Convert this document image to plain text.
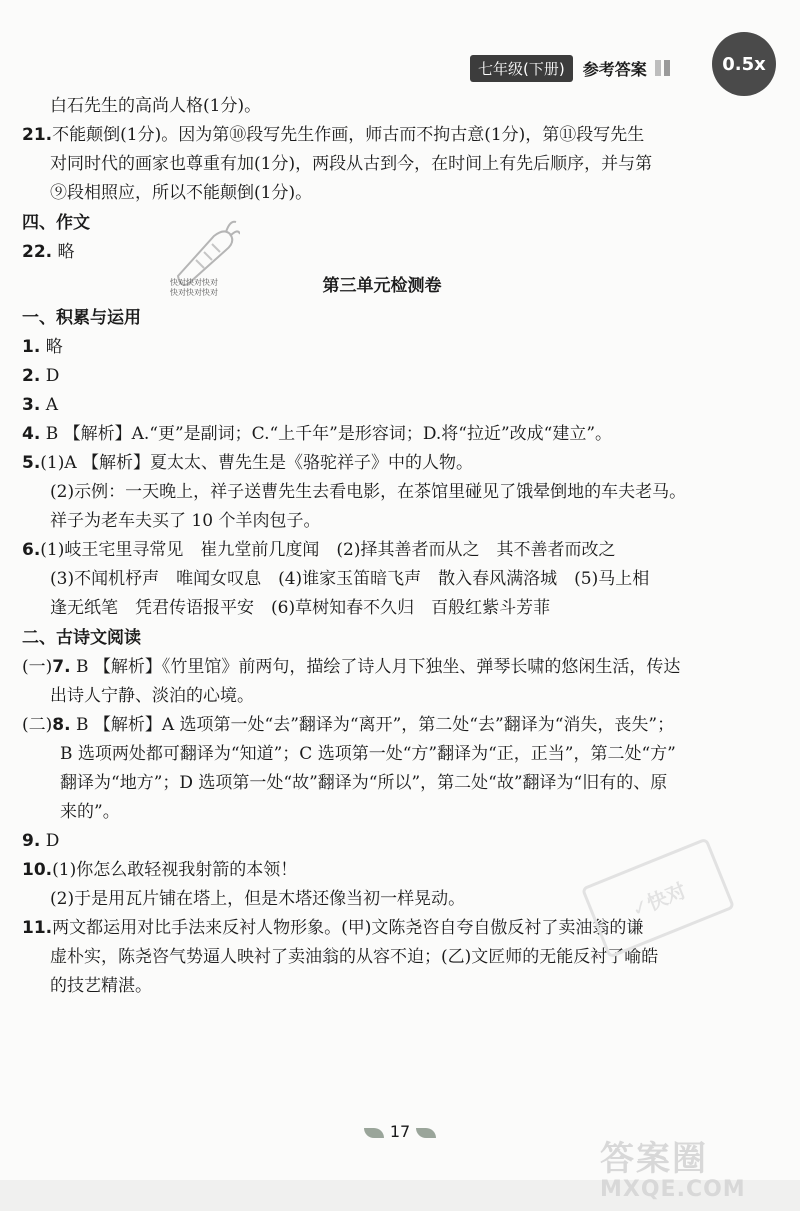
七年级(下册)	参考答案	0.5x
白石先生的高尚人格(1分)。
21.不能颠倒(1分)。因为第⑩段写先生作画，师古而不拘古意(1分)，第⑪段写先生
对同时代的画家也尊重有加(1分)，两段从古到今，在时间上有先后顺序，并与第
⑨段相照应，所以不能颠倒(1分)。
四、作文
22. 略
第三单元检测卷
一、积累与运用
1. 略
2. D
3. A
4. B 【解析】A.“更”是副词；C.“上千年”是形容词；D.将“拉近”改成“建立”。
5.(1)A 【解析】夏太太、曹先生是《骆驼祥子》中的人物。
(2)示例：一天晚上，祥子送曹先生去看电影，在茶馆里碰见了饿晕倒地的车夫老马。
祥子为老车夫买了 10 个羊肉包子。
6.(1)岐王宅里寻常见　崔九堂前几度闻　(2)择其善者而从之　其不善者而改之
(3)不闻机杼声　唯闻女叹息　(4)谁家玉笛暗飞声　散入春风满洛城　(5)马上相
逢无纸笔　凭君传语报平安　(6)草树知春不久归　百般红紫斗芳菲
二、古诗文阅读
(一)7. B 【解析】《竹里馆》前两句，描绘了诗人月下独坐、弹琴长啸的悠闲生活，传达
出诗人宁静、淡泊的心境。
(二)8. B 【解析】A 选项第一处“去”翻译为“离开”，第二处“去”翻译为“消失，丧失”；
B 选项两处都可翻译为“知道”；C 选项第一处“方”翻译为“正，正当”，第二处“方”
翻译为“地方”；D 选项第一处“故”翻译为“所以”，第二处“故”翻译为“旧有的、原
来的”。
9. D
10.(1)你怎么敢轻视我射箭的本领！
(2)于是用瓦片铺在塔上，但是木塔还像当初一样晃动。
11.两文都运用对比手法来反衬人物形象。(甲)文陈尧咨自夸自傲反衬了卖油翁的谦
虚朴实，陈尧咨气势逼人映衬了卖油翁的从容不迫；(乙)文匠师的无能反衬了喻皓
的技艺精湛。
快对快对快对
快对快对快对
✓快对
17
答案圈
MXQE.COM
